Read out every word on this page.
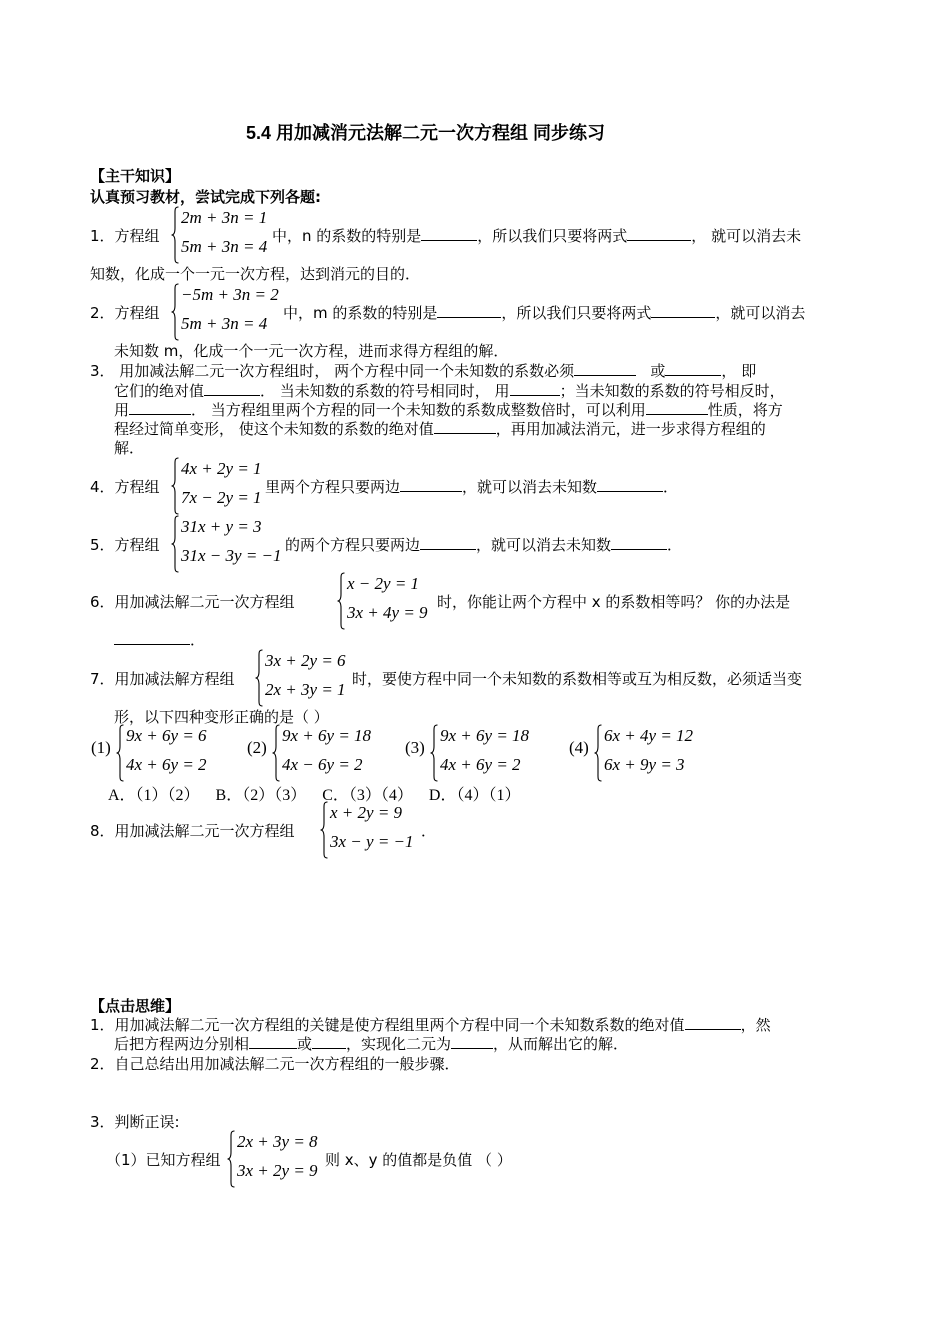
5.4 用加减消元法解二元一次方程组 同步练习
【主干知识】
认真预习教材，尝试完成下列各题:
1．方程组
2m + 3n = 1
5m + 3n = 4
中，n 的系数的特别是	，所以我们只要将两式	， 就可以消去未
知数，化成一个一元一次方程，达到消元的目的．
2．方程组
−5m + 3n = 2
5m + 3n = 4
中，m 的系数的特别是	，所以我们只要将两式	，就可以消去
未知数 m，化成一个一元一次方程，进而求得方程组的解．
3． 用加减法解二元一次方程组时， 两个方程中同一个未知数的系数必须	或	， 即
它们的绝对值	． 当未知数的系数的符号相同时， 用	；当未知数的系数的符号相反时，
用	． 当方程组里两个方程的同一个未知数的系数成整数倍时，可以利用	性质，将方
程经过简单变形， 使这个未知数的系数的绝对值	，再用加减法消元，进一步求得方程组的
解．
4．方程组
4x + 2y = 1
7x − 2y = 1
里两个方程只要两边	，就可以消去未知数	．
5．方程组
31x + y = 3
31x − 3y = −1
的两个方程只要两边	，就可以消去未知数	．
6．用加减法解二元一次方程组
x − 2y = 1
3x + 4y = 9
时，你能让两个方程中 x 的系数相等吗？ 你的办法是
．
7．用加减法解方程组
3x + 2y = 6
2x + 3y = 1
时，要使方程中同一个未知数的系数相等或互为相反数，必须适当变
形，以下四种变形正确的是（ ）
(1)
9x + 6y = 6
4x + 6y = 2
(2)
9x + 6y = 18
4x − 6y = 2
(3)
9x + 6y = 18
4x + 6y = 2
(4)
6x + 4y = 12
6x + 9y = 3
A．（1）（2）    B．（2）（3）    C．（3）（4）    D．（4）（1）
8．用加减法解二元一次方程组
x + 2y = 9
3x − y = −1
．
【点击思维】
1．用加减法解二元一次方程组的关键是使方程组里两个方程中同一个未知数系数的绝对值	，然
后把方程两边分别相	或 ，实现化二元为	，从而解出它的解．
2．自己总结出用加减法解二元一次方程组的一般步骤．
3．判断正误:
（1）已知方程组
2x + 3y = 8
3x + 2y = 9
则 x、y 的值都是负值 （ ）
